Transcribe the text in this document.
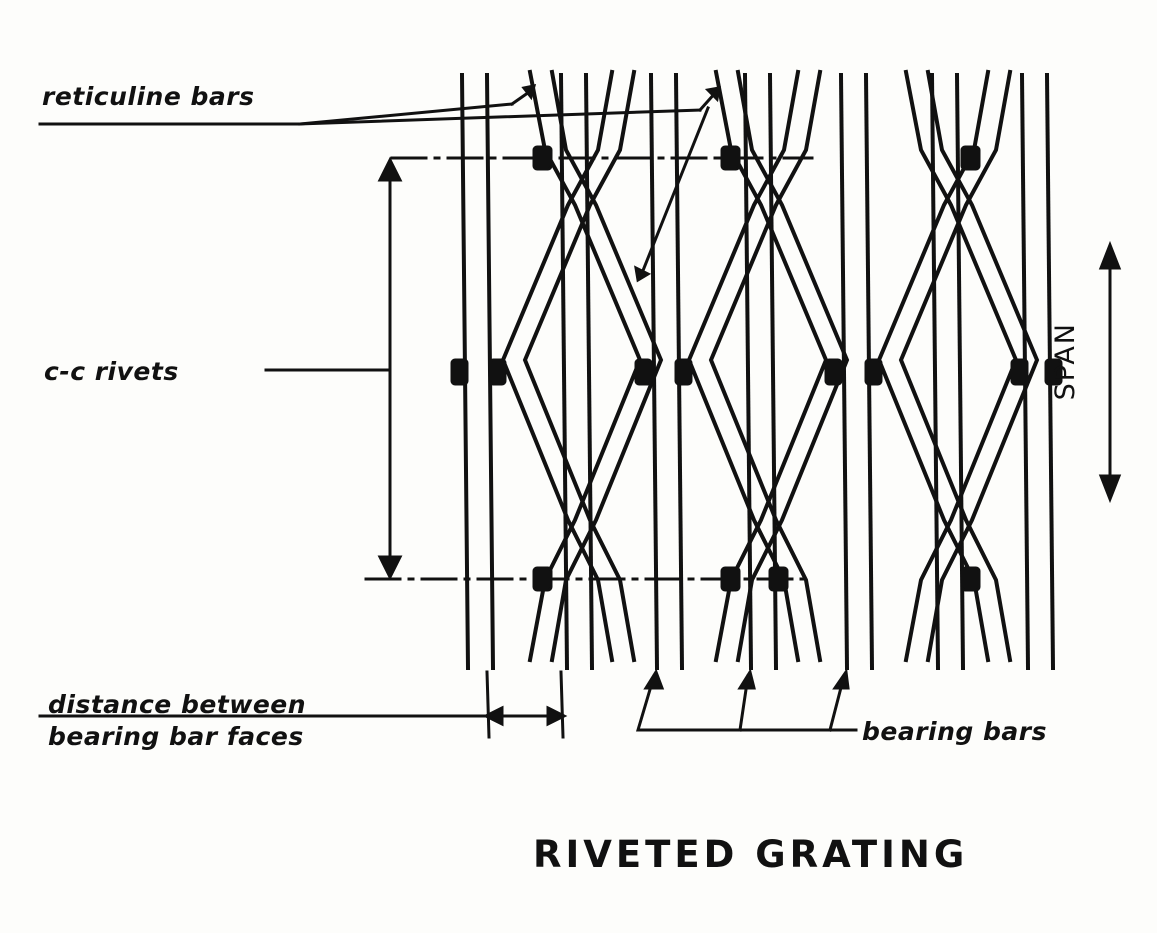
reticuline bars
c-c rivets
distance between
bearing bar faces	bearing bars
SPAN
RIVETED GRATING
